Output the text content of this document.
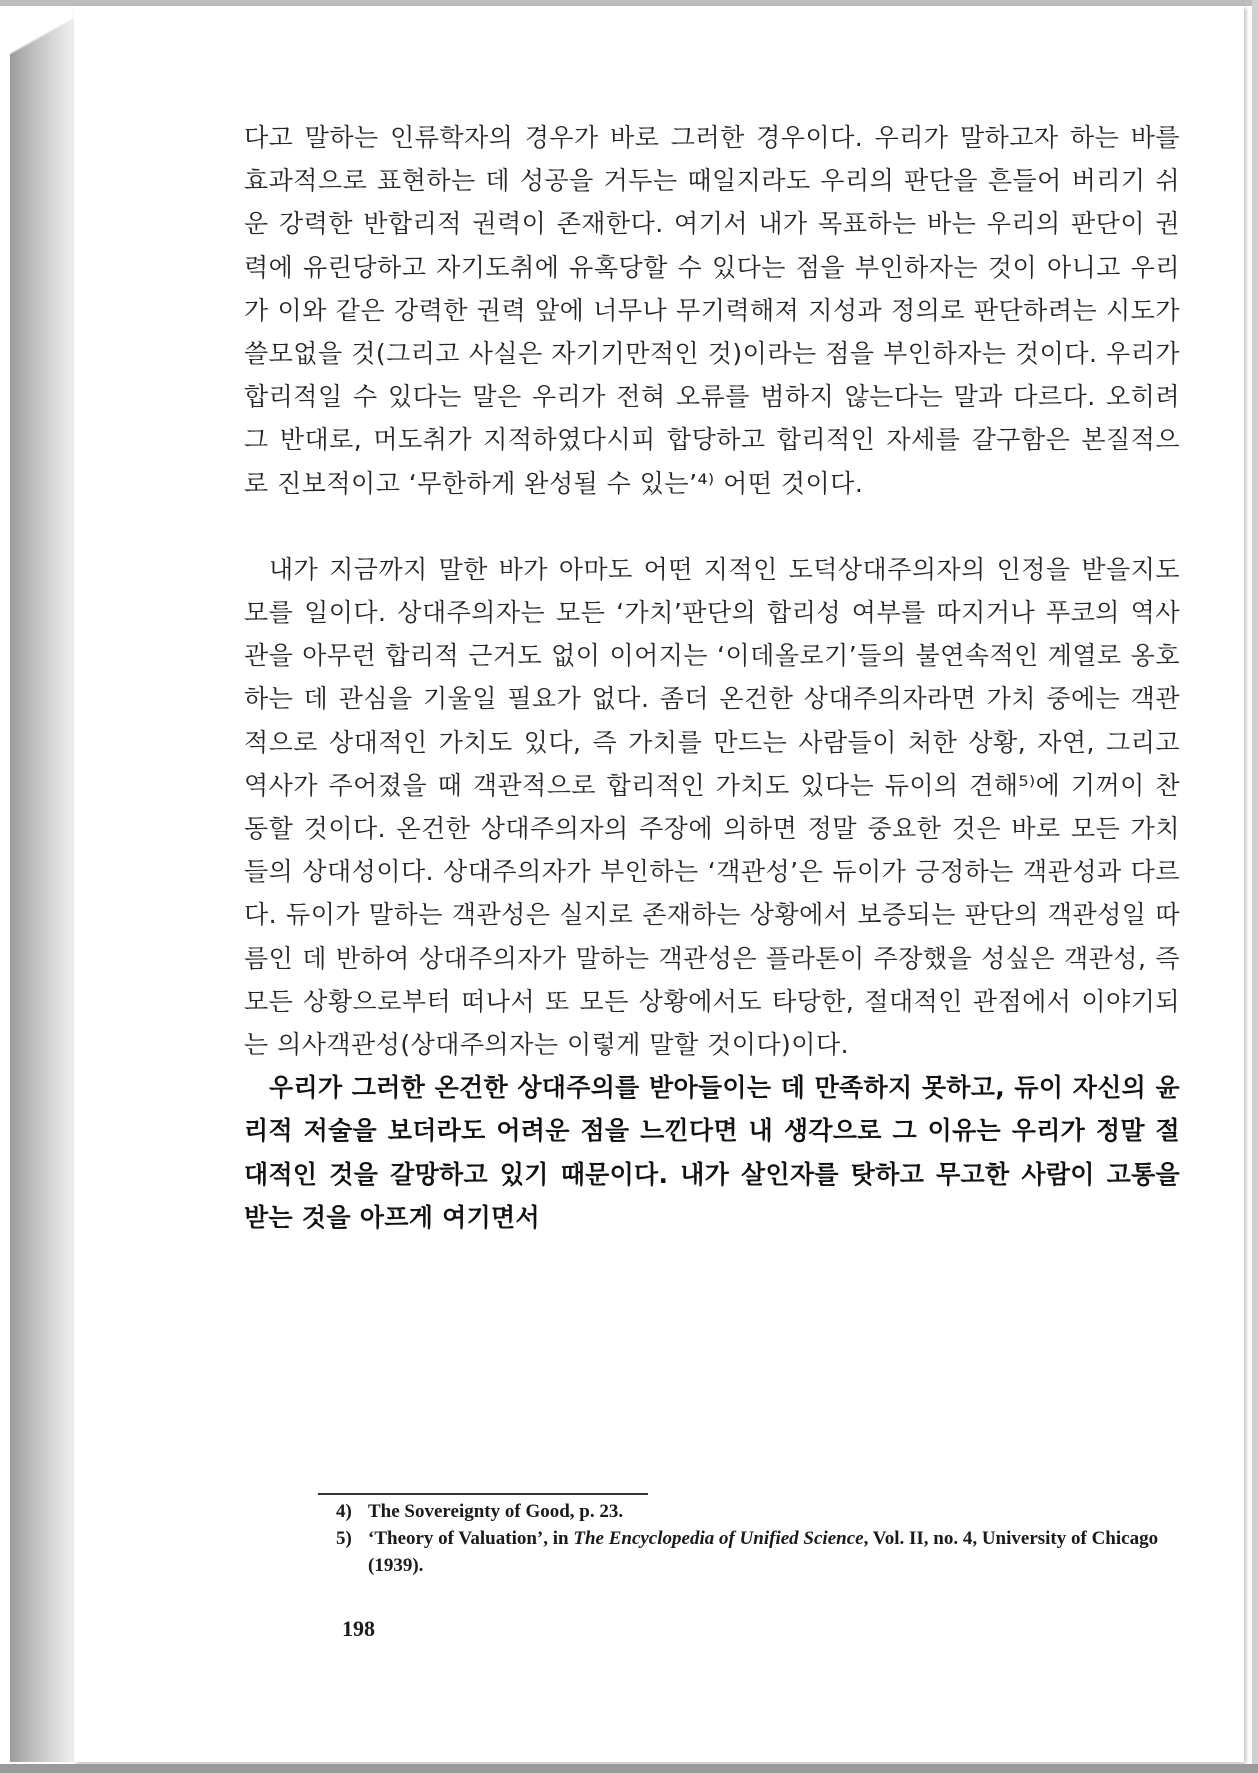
다고 말하는 인류학자의 경우가 바로 그러한 경우이다. 우리가 말하고자 하는 바를 효과적으로 표현하는 데 성공을 거두는 때일지라도 우리의 판단을 흔들어 버리기 쉬운 강력한 반합리적 권력이 존재한다. 여기서 내가 목표하는 바는 우리의 판단이 권력에 유린당하고 자기도취에 유혹당할 수 있다는 점을 부인하자는 것이 아니고 우리가 이와 같은 강력한 권력 앞에 너무나 무기력해져 지성과 정의로 판단하려는 시도가 쓸모없을 것(그리고 사실은 자기기만적인 것)이라는 점을 부인하자는 것이다. 우리가 합리적일 수 있다는 말은 우리가 전혀 오류를 범하지 않는다는 말과 다르다. 오히려 그 반대로, 머도취가 지적하였다시피 합당하고 합리적인 자세를 갈구함은 본질적으로 진보적이고 ‘무한하게 완성될 수 있는’⁴⁾ 어떤 것이다.

내가 지금까지 말한 바가 아마도 어떤 지적인 도덕상대주의자의 인정을 받을지도 모를 일이다. 상대주의자는 모든 ‘가치’판단의 합리성 여부를 따지거나 푸코의 역사관을 아무런 합리적 근거도 없이 이어지는 ‘이데올로기’들의 불연속적인 계열로 옹호하는 데 관심을 기울일 필요가 없다. 좀더 온건한 상대주의자라면 가치 중에는 객관적으로 상대적인 가치도 있다, 즉 가치를 만드는 사람들이 처한 상황, 자연, 그리고 역사가 주어졌을 때 객관적으로 합리적인 가치도 있다는 듀이의 견해⁵⁾에 기꺼이 찬동할 것이다. 온건한 상대주의자의 주장에 의하면 정말 중요한 것은 바로 모든 가치들의 상대성이다. 상대주의자가 부인하는 ‘객관성’은 듀이가 긍정하는 객관성과 다르다. 듀이가 말하는 객관성은 실지로 존재하는 상황에서 보증되는 판단의 객관성일 따름인 데 반하여 상대주의자가 말하는 객관성은 플라톤이 주장했을 성싶은 객관성, 즉 모든 상황으로부터 떠나서 또 모든 상황에서도 타당한, 절대적인 관점에서 이야기되는 의사객관성(상대주의자는 이렇게 말할 것이다)이다.

우리가 그러한 온건한 상대주의를 받아들이는 데 만족하지 못하고, 듀이 자신의 윤리적 저술을 보더라도 어려운 점을 느낀다면 내 생각으로 그 이유는 우리가 정말 절대적인 것을 갈망하고 있기 때문이다. 내가 살인자를 탓하고 무고한 사람이 고통을 받는 것을 아프게 여기면서

4) The Sovereignty of Good, p. 23.

5) ‘Theory of Valuation’, in The Encyclopedia of Unified Science, Vol. II, no. 4, University of Chicago (1939).

198
